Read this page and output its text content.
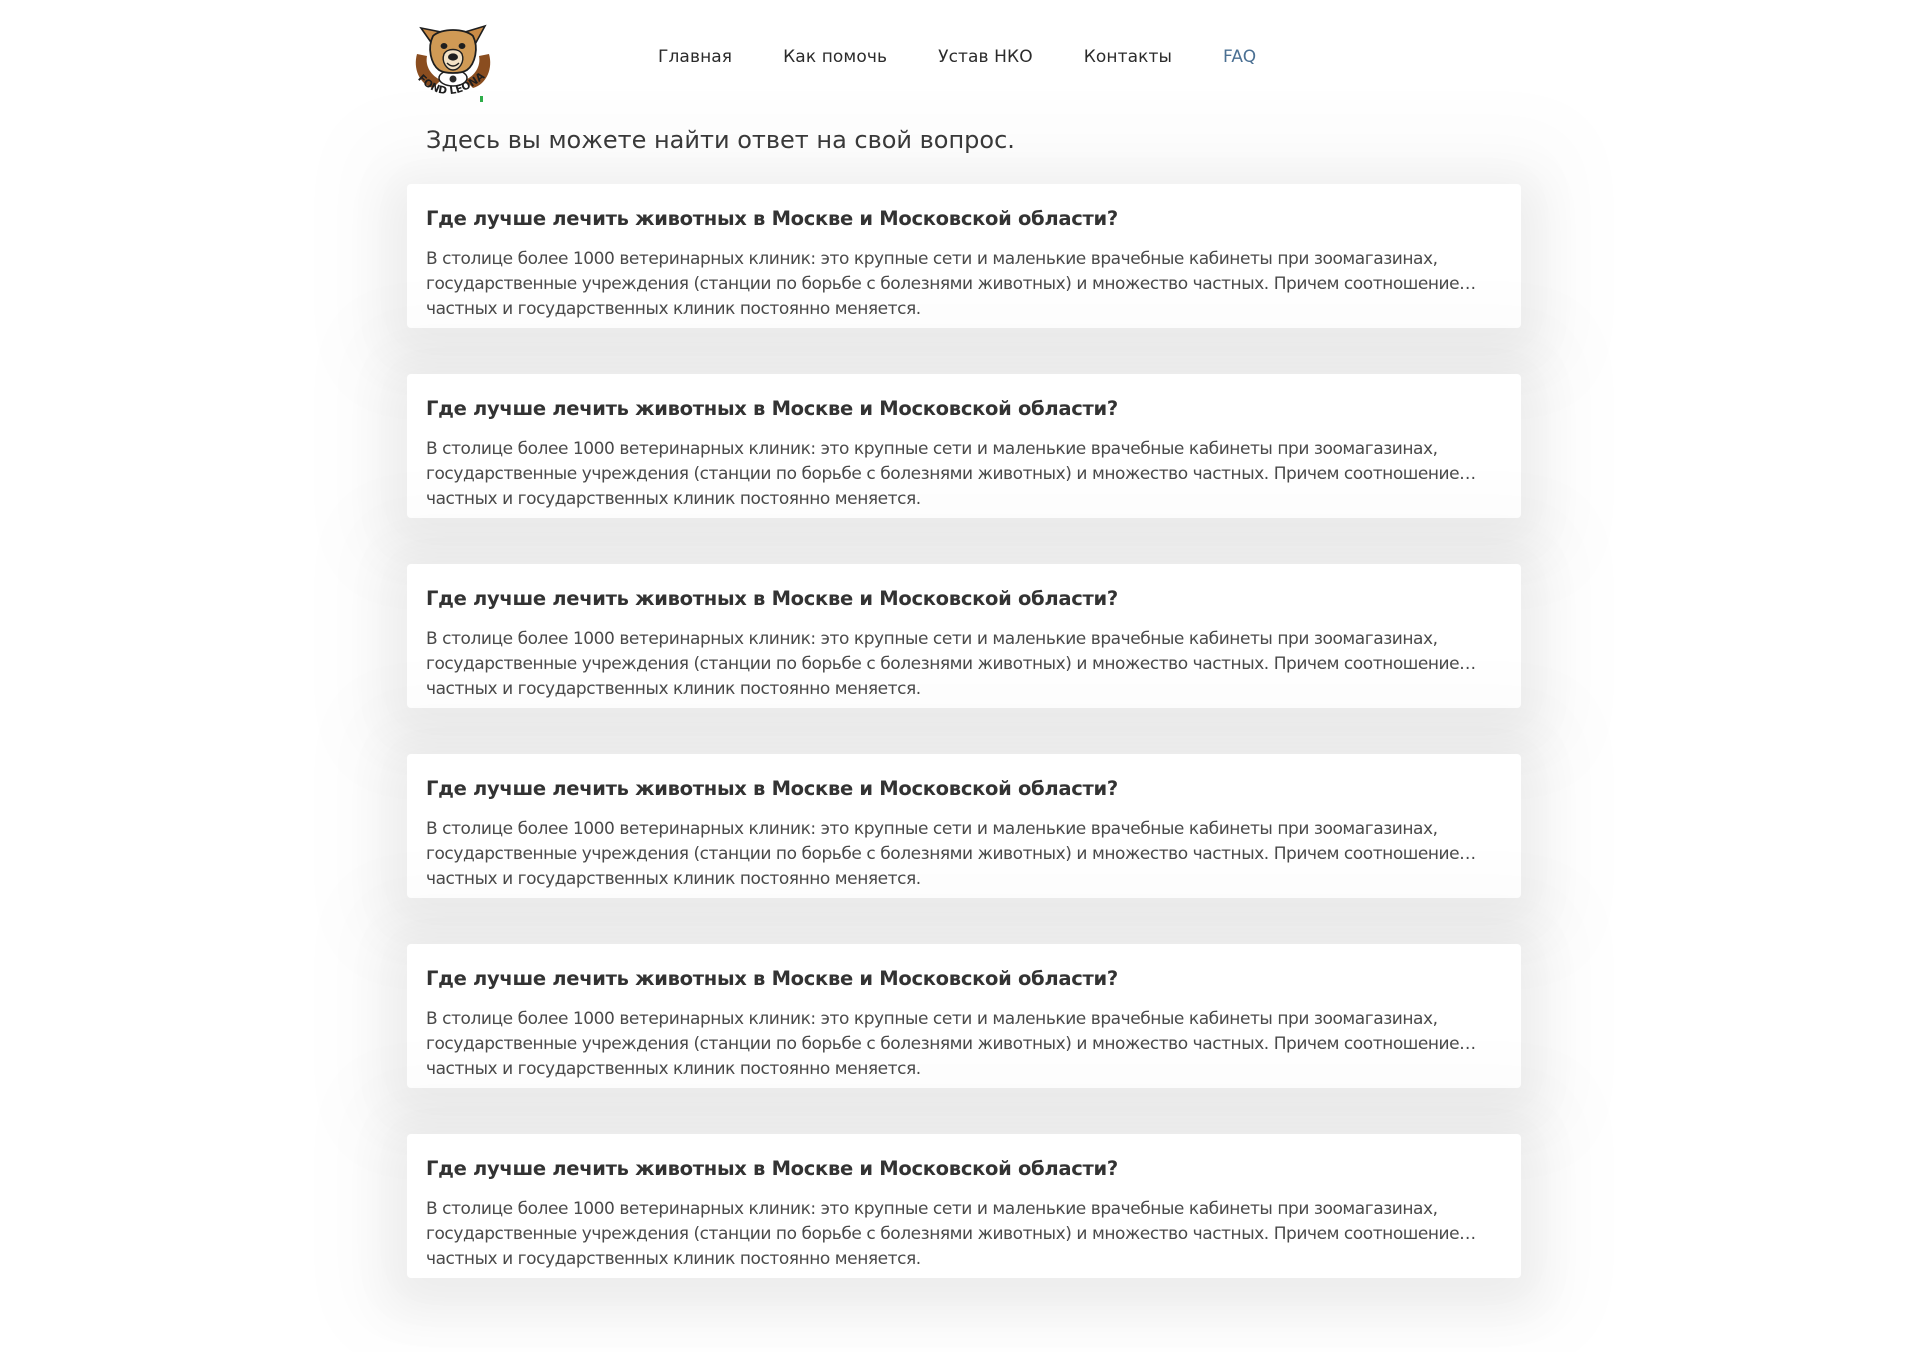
FOND LEONA
Главная	Как помочь	Устав НКО	Контакты	FAQ
Здесь вы можете найти ответ на свой вопрос.
Где лучше лечить животных в Москве и Московской области?
В столице более 1000 ветеринарных клиник: это крупные сети и маленькие врачебные кабинеты при зоомагазинах, государственные учреждения (станции по борьбе с болезнями животных) и множество частных. Причем соотношение частных и государственных клиник постоянно меняется.
Где лучше лечить животных в Москве и Московской области?
В столице более 1000 ветеринарных клиник: это крупные сети и маленькие врачебные кабинеты при зоомагазинах, государственные учреждения (станции по борьбе с болезнями животных) и множество частных. Причем соотношение частных и государственных клиник постоянно меняется.
Где лучше лечить животных в Москве и Московской области?
В столице более 1000 ветеринарных клиник: это крупные сети и маленькие врачебные кабинеты при зоомагазинах, государственные учреждения (станции по борьбе с болезнями животных) и множество частных. Причем соотношение частных и государственных клиник постоянно меняется.
Где лучше лечить животных в Москве и Московской области?
В столице более 1000 ветеринарных клиник: это крупные сети и маленькие врачебные кабинеты при зоомагазинах, государственные учреждения (станции по борьбе с болезнями животных) и множество частных. Причем соотношение частных и государственных клиник постоянно меняется.
Где лучше лечить животных в Москве и Московской области?
В столице более 1000 ветеринарных клиник: это крупные сети и маленькие врачебные кабинеты при зоомагазинах, государственные учреждения (станции по борьбе с болезнями животных) и множество частных. Причем соотношение частных и государственных клиник постоянно меняется.
Где лучше лечить животных в Москве и Московской области?
В столице более 1000 ветеринарных клиник: это крупные сети и маленькие врачебные кабинеты при зоомагазинах, государственные учреждения (станции по борьбе с болезнями животных) и множество частных. Причем соотношение частных и государственных клиник постоянно меняется.
